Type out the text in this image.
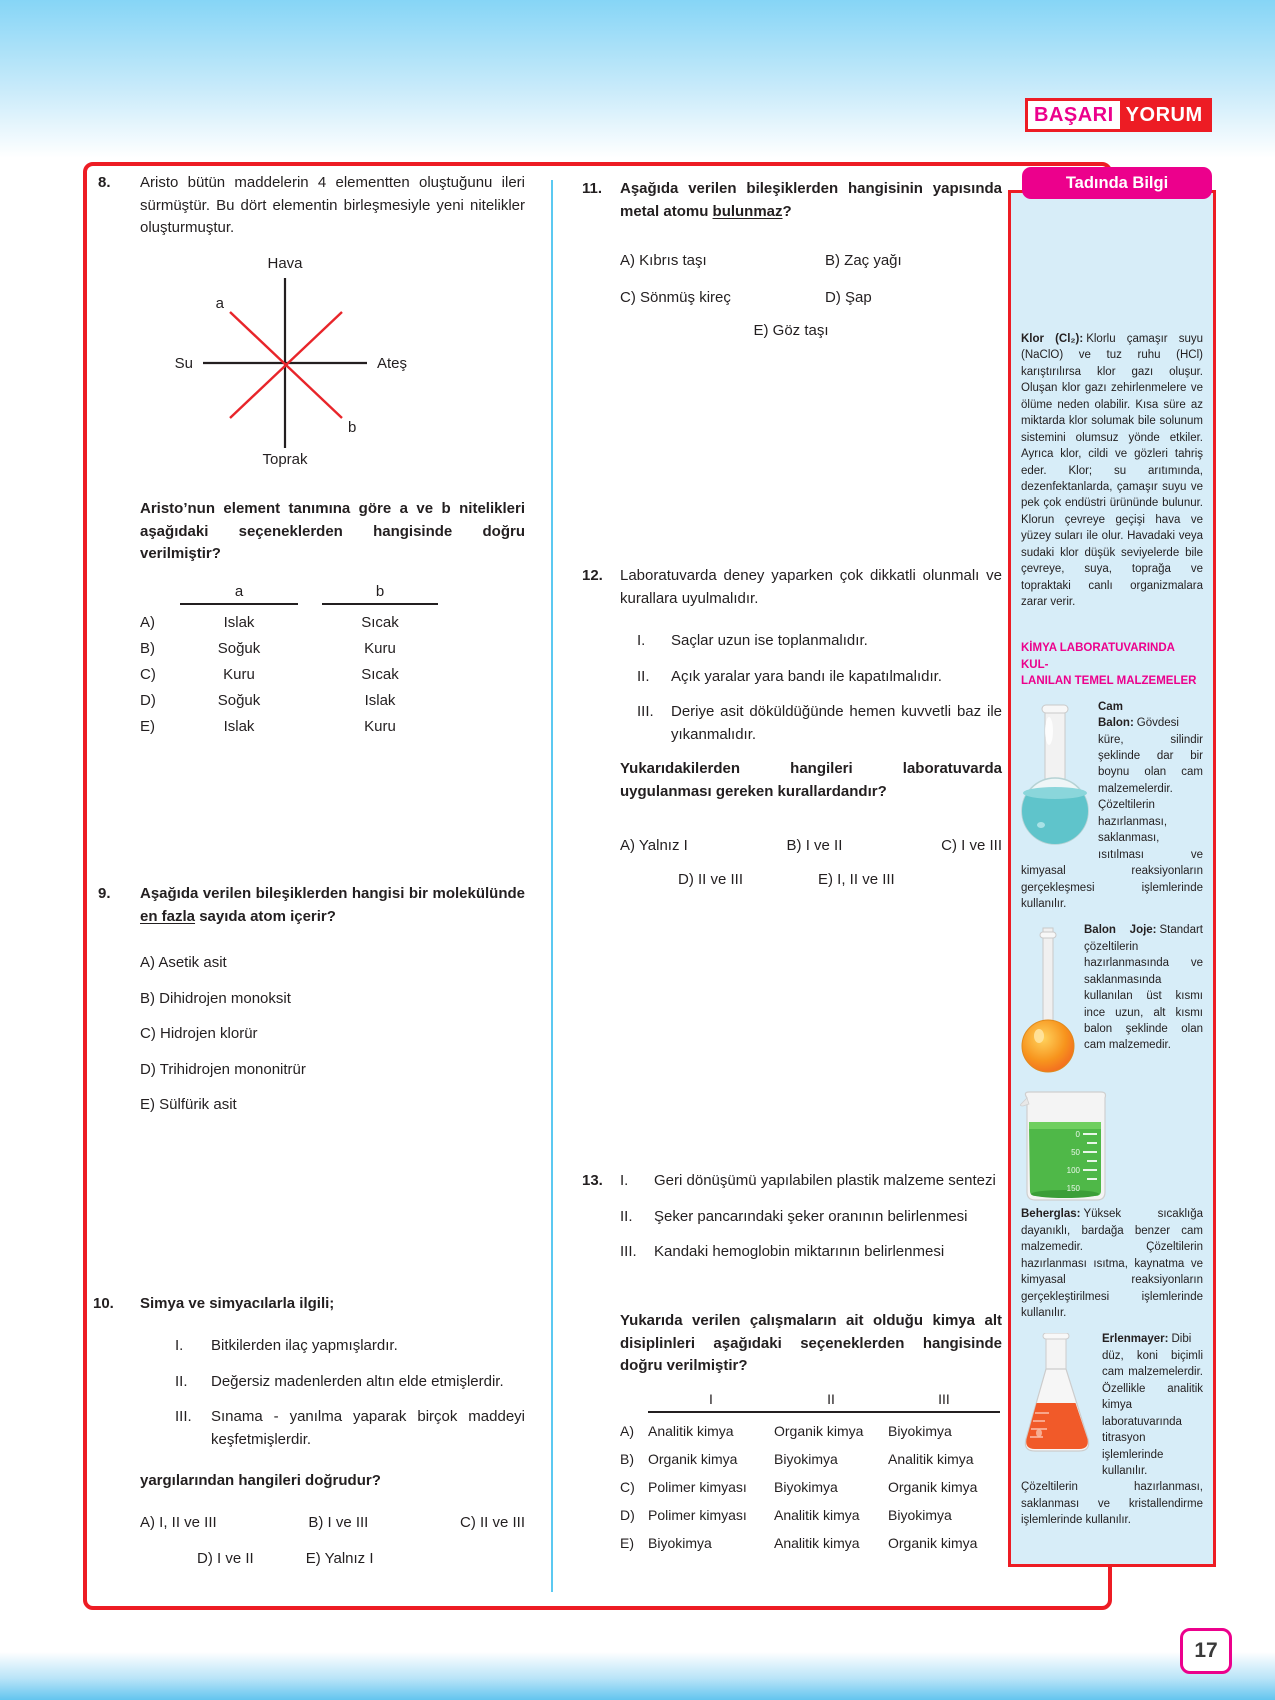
BAŞARI YORUM
8.	Aristo bütün maddelerin 4 elementten oluştuğunu ileri sürmüştür. Bu dört elementin birleşmesiyle yeni nitelikler oluşturmuştur.
Hava
a
b
Su	Ateş
Toprak
Aristo’nun element tanımına göre a ve b nitelikleri aşağıdaki seçeneklerden hangisinde doğru verilmiştir?
a	b
A)	Islak	Sıcak
B)	Soğuk	Kuru
C)	Kuru	Sıcak
D)	Soğuk	Islak
E)	Islak	Kuru
9.	Aşağıda verilen bileşiklerden hangisi bir molekülünde en fazla sayıda atom içerir?
A) Asetik asit
B) Dihidrojen monoksit
C) Hidrojen klorür
D) Trihidrojen mononitrür
E) Sülfürik asit
10.	Simya ve simyacılarla ilgili;
I.	Bitkilerden ilaç yapmışlardır.
II.	Değersiz madenlerden altın elde etmişlerdir.
III.	Sınama - yanılma yaparak birçok maddeyi keşfetmişlerdir.
yargılarından hangileri doğrudur?
A) I, II ve III	B) I ve III	C) II ve III
D) I ve II	E) Yalnız I
11.	Aşağıda verilen bileşiklerden hangisinin yapısında metal atomu bulunmaz?
A) Kıbrıs taşı	B) Zaç yağı
C) Sönmüş kireç	D) Şap
E) Göz taşı
12.	Laboratuvarda deney yaparken çok dikkatli olunmalı ve kurallara uyulmalıdır.
I.	Saçlar uzun ise toplanmalıdır.
II.	Açık yaralar yara bandı ile kapatılmalıdır.
III.	Deriye asit döküldüğünde hemen kuvvetli baz ile yıkanmalıdır.
Yukarıdakilerden hangileri laboratuvarda uygulanması gereken kurallardandır?
A) Yalnız I	B) I ve II	C) I ve III
D) II ve III	E) I, II ve III
13.	I.	Geri dönüşümü yapılabilen plastik malzeme sentezi
II.	Şeker pancarındaki şeker oranının belirlenmesi
III.	Kandaki hemoglobin miktarının belirlenmesi
Yukarıda verilen çalışmaların ait olduğu kimya alt disiplinleri aşağıdaki seçeneklerden hangisinde doğru verilmiştir?
I	II	III
A)	Analitik kimya	Organik kimya	Biyokimya
B)	Organik kimya	Biyokimya	Analitik kimya
C) Polimer kimyası	Biyokimya	Organik kimya
D) Polimer kimyası	Analitik kimya	Biyokimya
E)	Biyokimya	Analitik kimya	Organik kimya
Klor (Cl₂): Klorlu çamaşır suyu (NaClO) ve tuz ruhu (HCl) karıştırılırsa klor gazı oluşur. Oluşan klor gazı zehirlenmelere ve ölüme neden olabilir. Kısa süre az miktarda klor solumak bile solunum sistemini olumsuz yönde etkiler. Ayrıca klor, cildi ve gözleri tahriş eder. Klor; su arıtımında, dezenfektanlarda, çamaşır suyu ve pek çok endüstri ürününde bulunur. Klorun çevreye geçişi hava ve yüzey suları ile olur. Havadaki veya sudaki klor düşük seviyelerde bile çevreye, suya, toprağa ve topraktaki canlı organizmalara zarar verir.
KİMYA LABORATUVARINDA KUL-
LANILAN TEMEL MALZEMELER
Cam Balon: Gövdesi küre, silindir şeklinde dar bir boynu olan cam malzemelerdir. Çözeltilerin hazırlanması, saklanması, ısıtılması ve kimyasal reaksiyonların gerçekleşmesi işlemlerinde kullanılır.
Balon Joje: Standart çözeltilerin hazırlanmasında ve saklanmasında kullanılan üst kısmı ince uzun, alt kısmı balon şeklinde olan cam malzemedir.
0
50
100
150
Beherglas: Yüksek sıcaklığa dayanıklı, bardağa benzer cam malzemedir. Çözeltilerin hazırlanması ısıtma, kaynatma ve kimyasal reaksiyonların gerçekleştirilmesi işlemlerinde kullanılır.
Erlenmayer: Dibi düz, koni biçimli cam malzemelerdir. Özellikle analitik kimya laboratuvarında titrasyon işlemlerinde kullanılır. Çözeltilerin hazırlanması, saklanması ve kristallendirme işlemlerinde kullanılır.
Tadında Bilgi
17
